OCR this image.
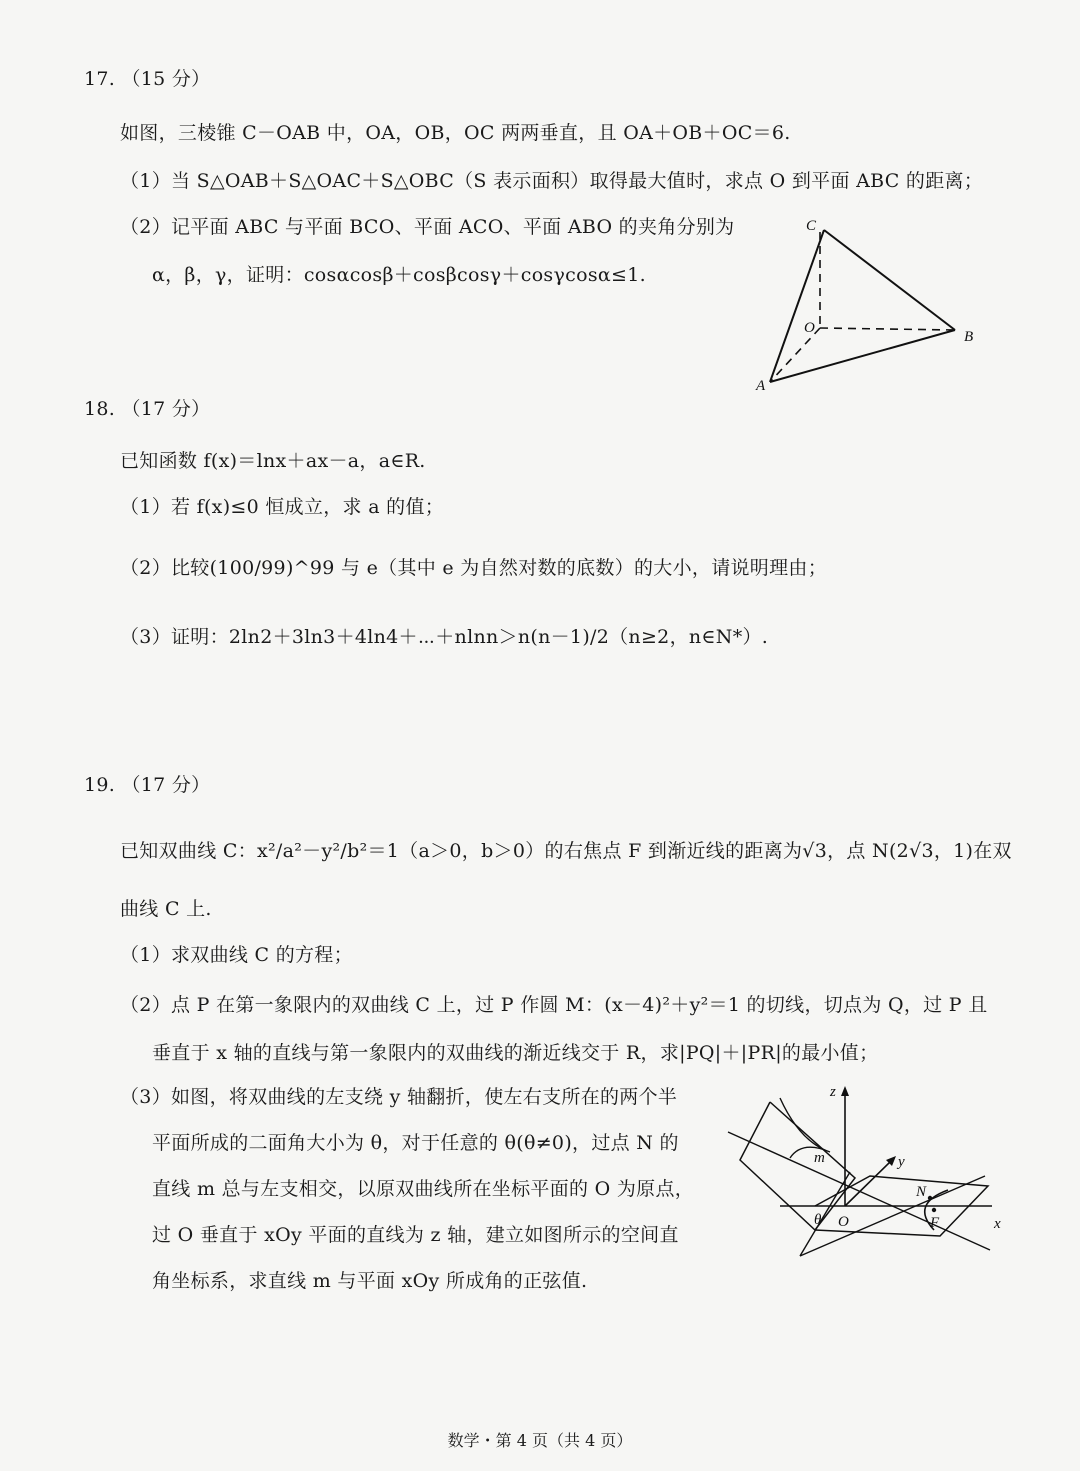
17. （15 分）
如图，三棱锥 C－OAB 中，OA，OB，OC 两两垂直，且 OA＋OB＋OC＝6.
（1）当 S△OAB＋S△OAC＋S△OBC（S 表示面积）取得最大值时，求点 O 到平面 ABC 的距离；
（2）记平面 ABC 与平面 BCO、平面 ACO、平面 ABO 的夹角分别为
α，β，γ，证明：cosαcosβ＋cosβcosγ＋cosγcosα≤1.
C
O
B
A
18. （17 分）
已知函数 f(x)＝lnx＋ax－a，a∈R.
（1）若 f(x)≤0 恒成立，求 a 的值；
（2）比较(100/99)^99 与 e（其中 e 为自然对数的底数）的大小，请说明理由；
（3）证明：2ln2＋3ln3＋4ln4＋⋯＋nlnn＞n(n－1)/2（n≥2，n∈N*）.
19. （17 分）
已知双曲线 C：x²/a²－y²/b²＝1（a＞0，b＞0）的右焦点 F 到渐近线的距离为√3，点 N(2√3，1)在双
曲线 C 上.
（1）求双曲线 C 的方程；
（2）点 P 在第一象限内的双曲线 C 上，过 P 作圆 M：(x－4)²＋y²＝1 的切线，切点为 Q，过 P 且
垂直于 x 轴的直线与第一象限内的双曲线的渐近线交于 R，求|PQ|＋|PR|的最小值；
（3）如图，将双曲线的左支绕 y 轴翻折，使左右支所在的两个半
平面所成的二面角大小为 θ，对于任意的 θ(θ≠0)，过点 N 的
直线 m 总与左支相交，以原双曲线所在坐标平面的 O 为原点，
过 O 垂直于 xOy 平面的直线为 z 轴，建立如图所示的空间直
角坐标系，求直线 m 与平面 xOy 所成角的正弦值.
z
y
m
N
θ O	F	x
数学・第 4 页（共 4 页）
